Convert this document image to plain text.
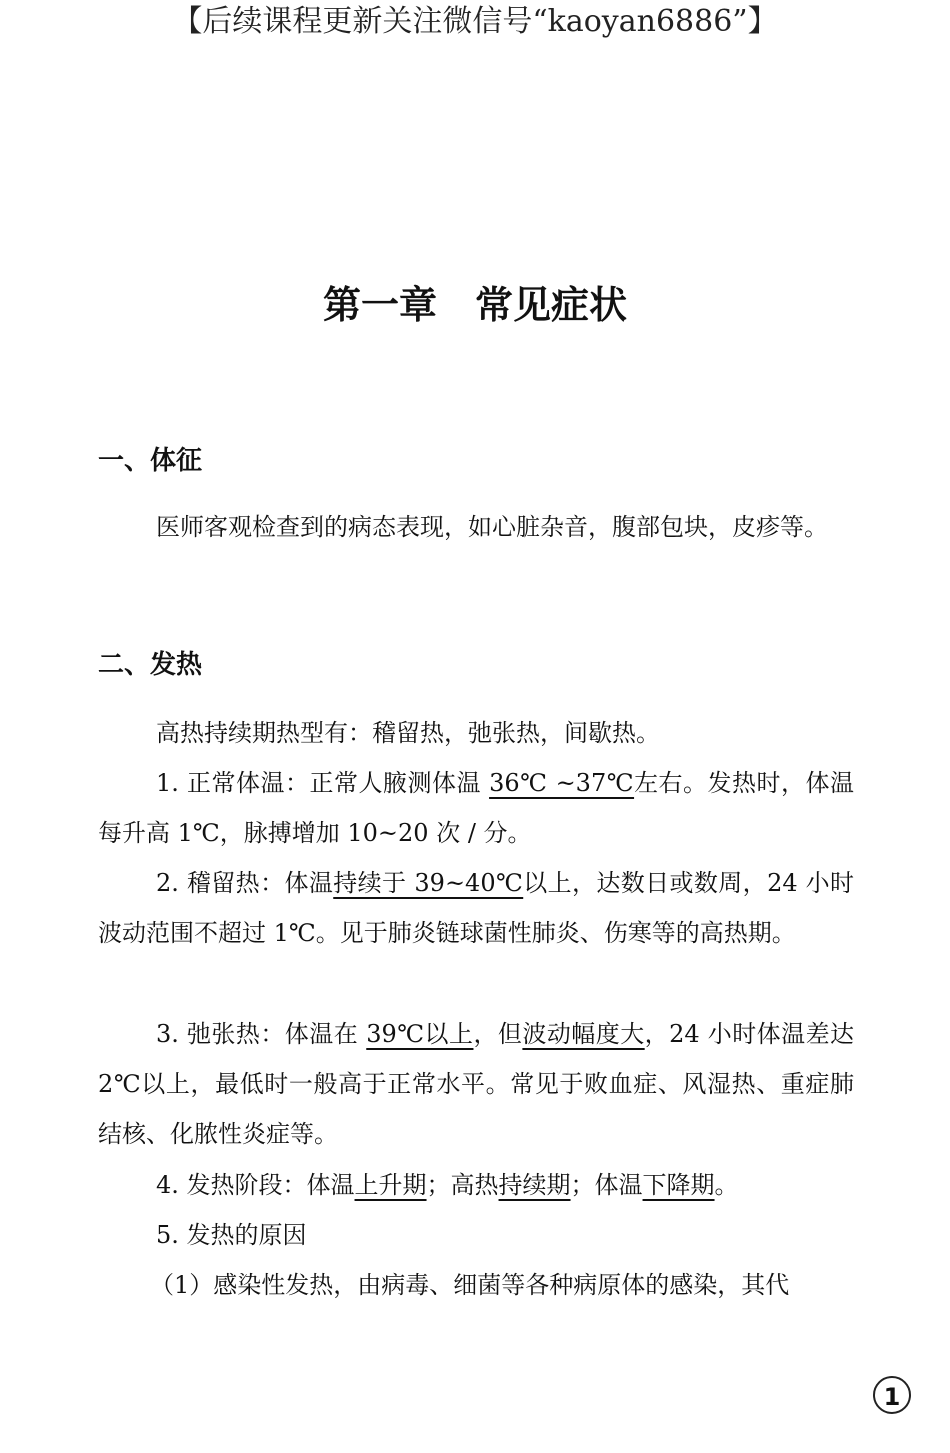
【后续课程更新关注微信号“kaoyan6886”】
第一章 常见症状
一、体征
医师客观检查到的病态表现，如心脏杂音，腹部包块，皮疹等。
二、发热
高热持续期热型有：稽留热，弛张热，间歇热。
1. 正常体温：正常人腋测体温 36℃ ~37℃左右。发热时，体温每升高 1℃，脉搏增加 10~20 次 / 分。
2. 稽留热：体温持续于 39~40℃以上，达数日或数周，24 小时波动范围不超过 1℃。见于肺炎链球菌性肺炎、伤寒等的高热期。
3. 弛张热：体温在 39℃以上，但波动幅度大，24 小时体温差达 2℃以上，最低时一般高于正常水平。常见于败血症、风湿热、重症肺结核、化脓性炎症等。
4. 发热阶段：体温上升期；高热持续期；体温下降期。
5. 发热的原因
（1）感染性发热，由病毒、细菌等各种病原体的感染，其代
1
